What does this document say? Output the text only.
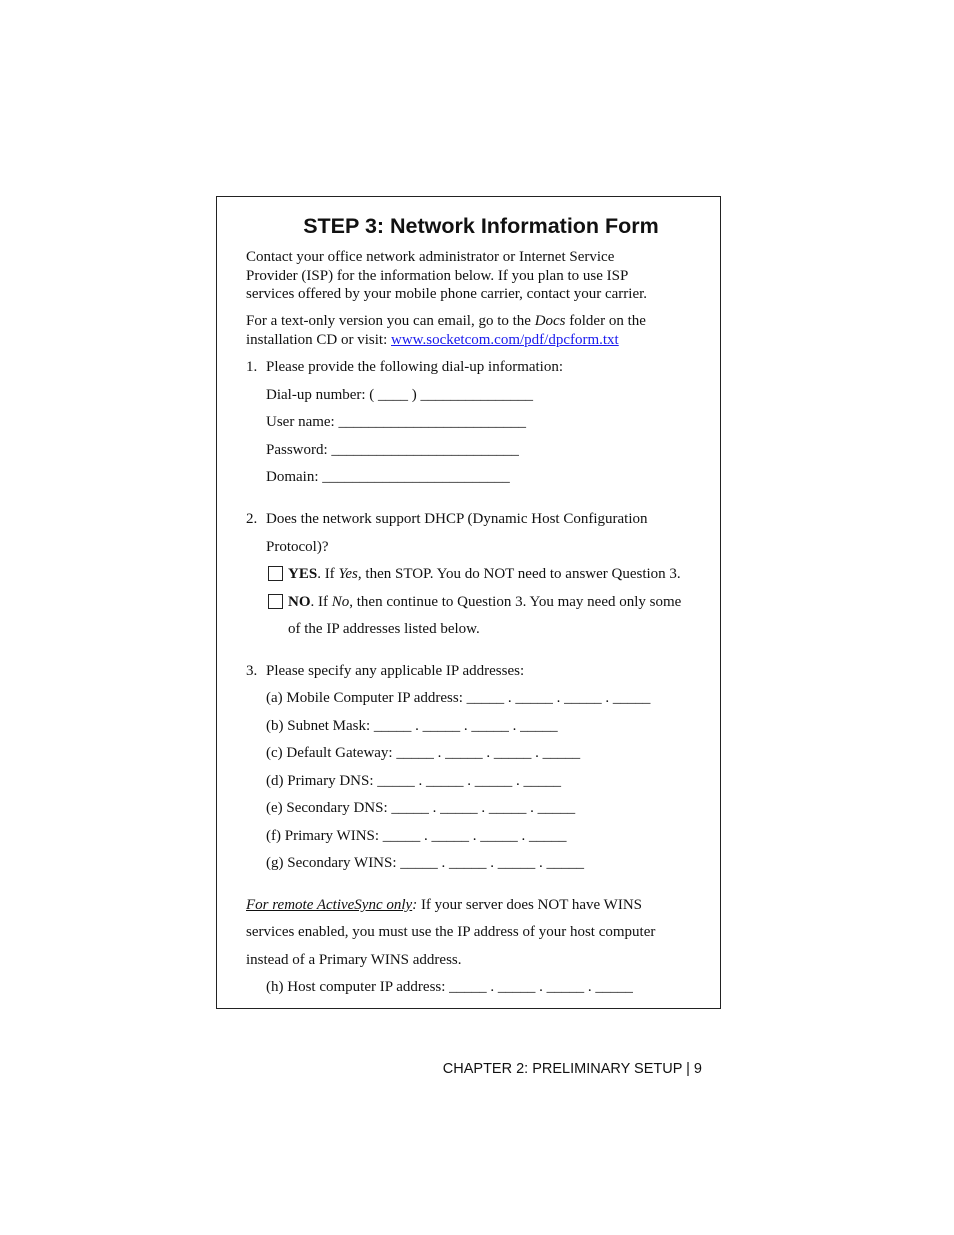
STEP 3: Network Information Form
Contact your office network administrator or Internet Service
Provider (ISP) for the information below. If you plan to use ISP
services offered by your mobile phone carrier, contact your carrier.
For a text-only version you can email, go to the Docs folder on the
installation CD or visit: www.socketcom.com/pdf/dpcform.txt
1. Please provide the following dial-up information:
Dial-up number: ( ____ ) _______________
User name: _________________________
Password: _________________________
Domain: _________________________
2. Does the network support DHCP (Dynamic Host Configuration
Protocol)?
YES. If Yes, then STOP. You do NOT need to answer Question 3.
NO. If No, then continue to Question 3. You may need only some
of the IP addresses listed below.
3. Please specify any applicable IP addresses:
(a) Mobile Computer IP address: _____ . _____ . _____ . _____
(b) Subnet Mask: _____ . _____ . _____ . _____
(c) Default Gateway: _____ . _____ . _____ . _____
(d) Primary DNS: _____ . _____ . _____ . _____
(e) Secondary DNS: _____ . _____ . _____ . _____
(f) Primary WINS: _____ . _____ . _____ . _____
(g) Secondary WINS: _____ . _____ . _____ . _____
For remote ActiveSync only: If your server does NOT have WINS
services enabled, you must use the IP address of your host computer
instead of a Primary WINS address.
(h) Host computer IP address: _____ . _____ . _____ . _____
CHAPTER 2: PRELIMINARY SETUP | 9
